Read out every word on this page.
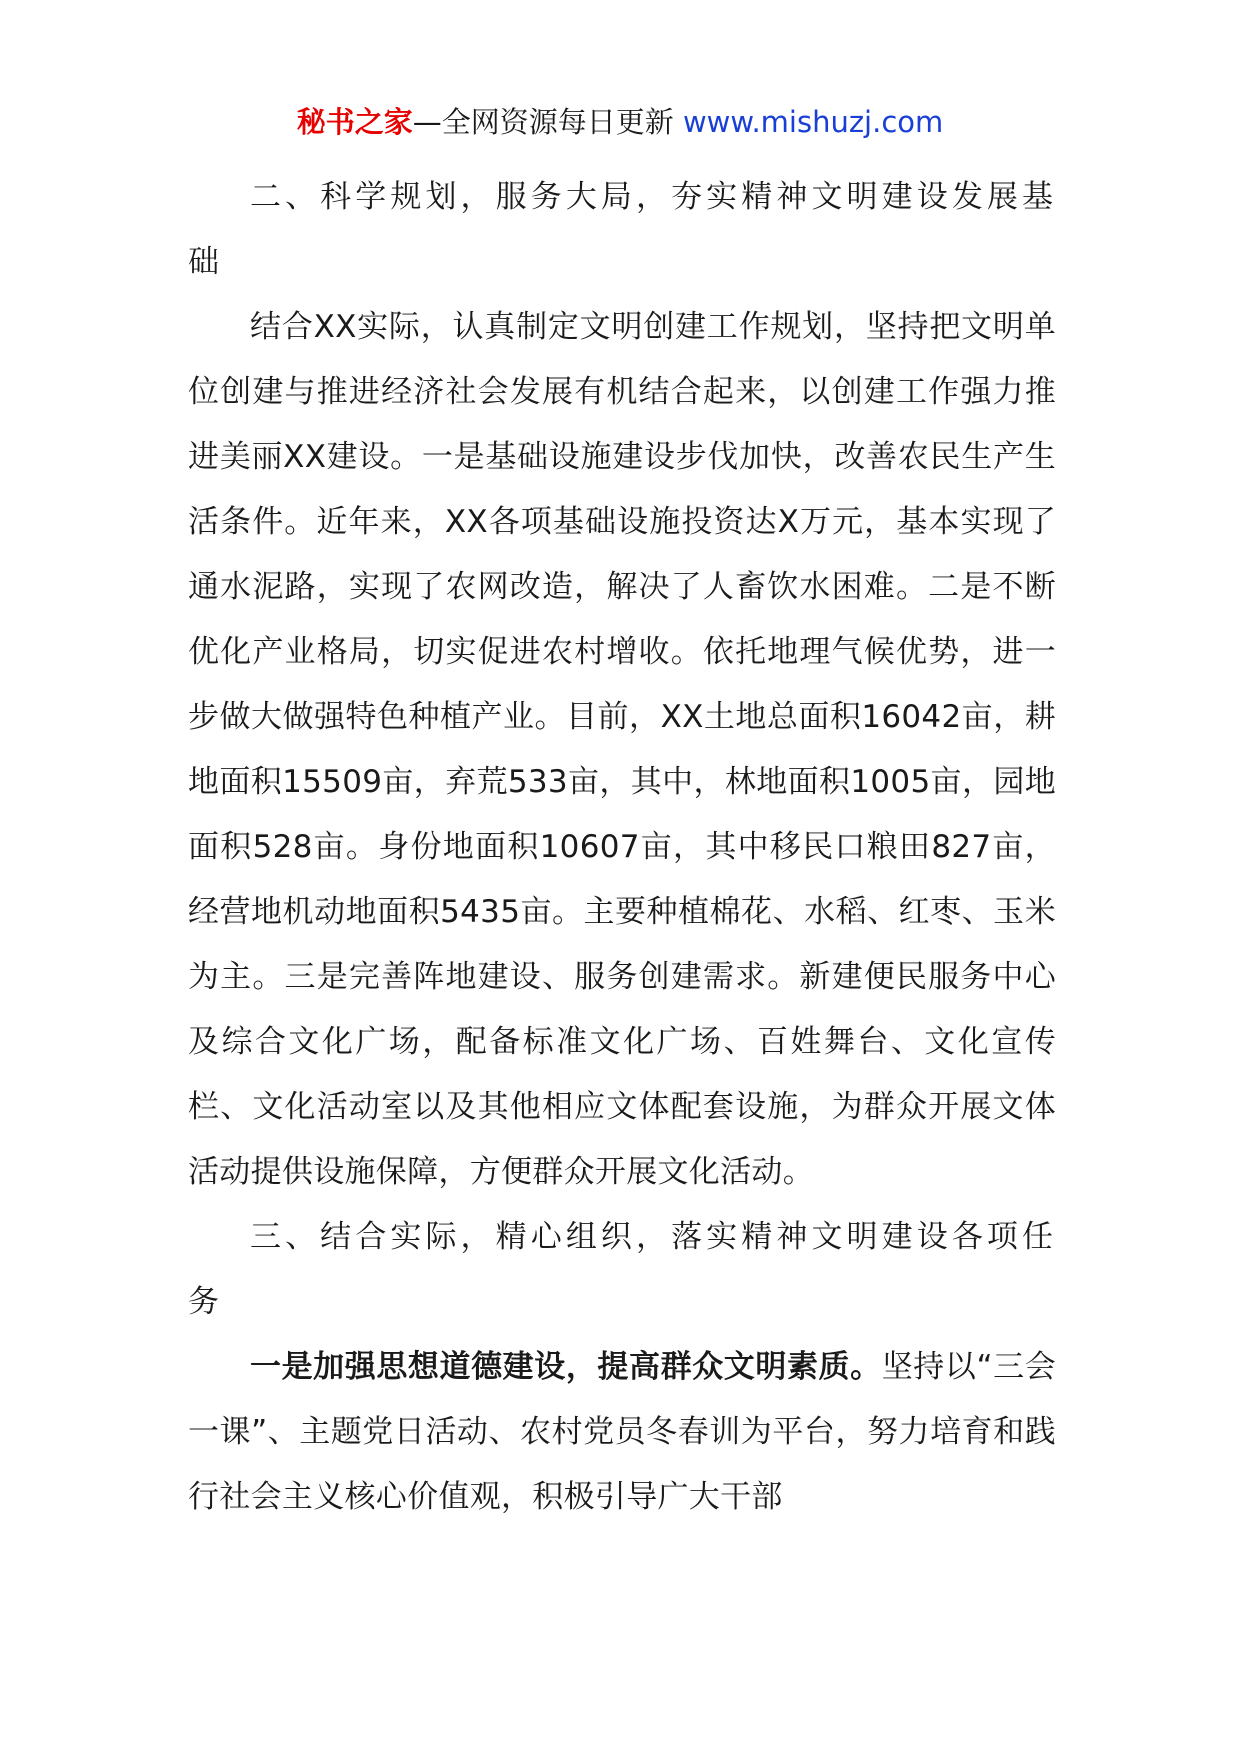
秘书之家—全网资源每日更新 www.mishuzj.com

二、科学规划，服务大局，夯实精神文明建设发展基础

结合XX实际，认真制定文明创建工作规划，坚持把文明单位创建与推进经济社会发展有机结合起来，以创建工作强力推进美丽XX建设。一是基础设施建设步伐加快，改善农民生产生活条件。近年来，XX各项基础设施投资达X万元，基本实现了通水泥路，实现了农网改造，解决了人畜饮水困难。二是不断优化产业格局，切实促进农村增收。依托地理气候优势，进一步做大做强特色种植产业。目前，XX土地总面积16042亩，耕地面积15509亩，弃荒533亩，其中，林地面积1005亩，园地面积528亩。身份地面积10607亩，其中移民口粮田827亩，经营地机动地面积5435亩。主要种植棉花、水稻、红枣、玉米为主。三是完善阵地建设、服务创建需求。新建便民服务中心及综合文化广场，配备标准文化广场、百姓舞台、文化宣传栏、文化活动室以及其他相应文体配套设施，为群众开展文体活动提供设施保障，方便群众开展文化活动。

三、结合实际，精心组织，落实精神文明建设各项任务

一是加强思想道德建设，提高群众文明素质。坚持以“三会一课”、主题党日活动、农村党员冬春训为平台，努力培育和践行社会主义核心价值观，积极引导广大干部
